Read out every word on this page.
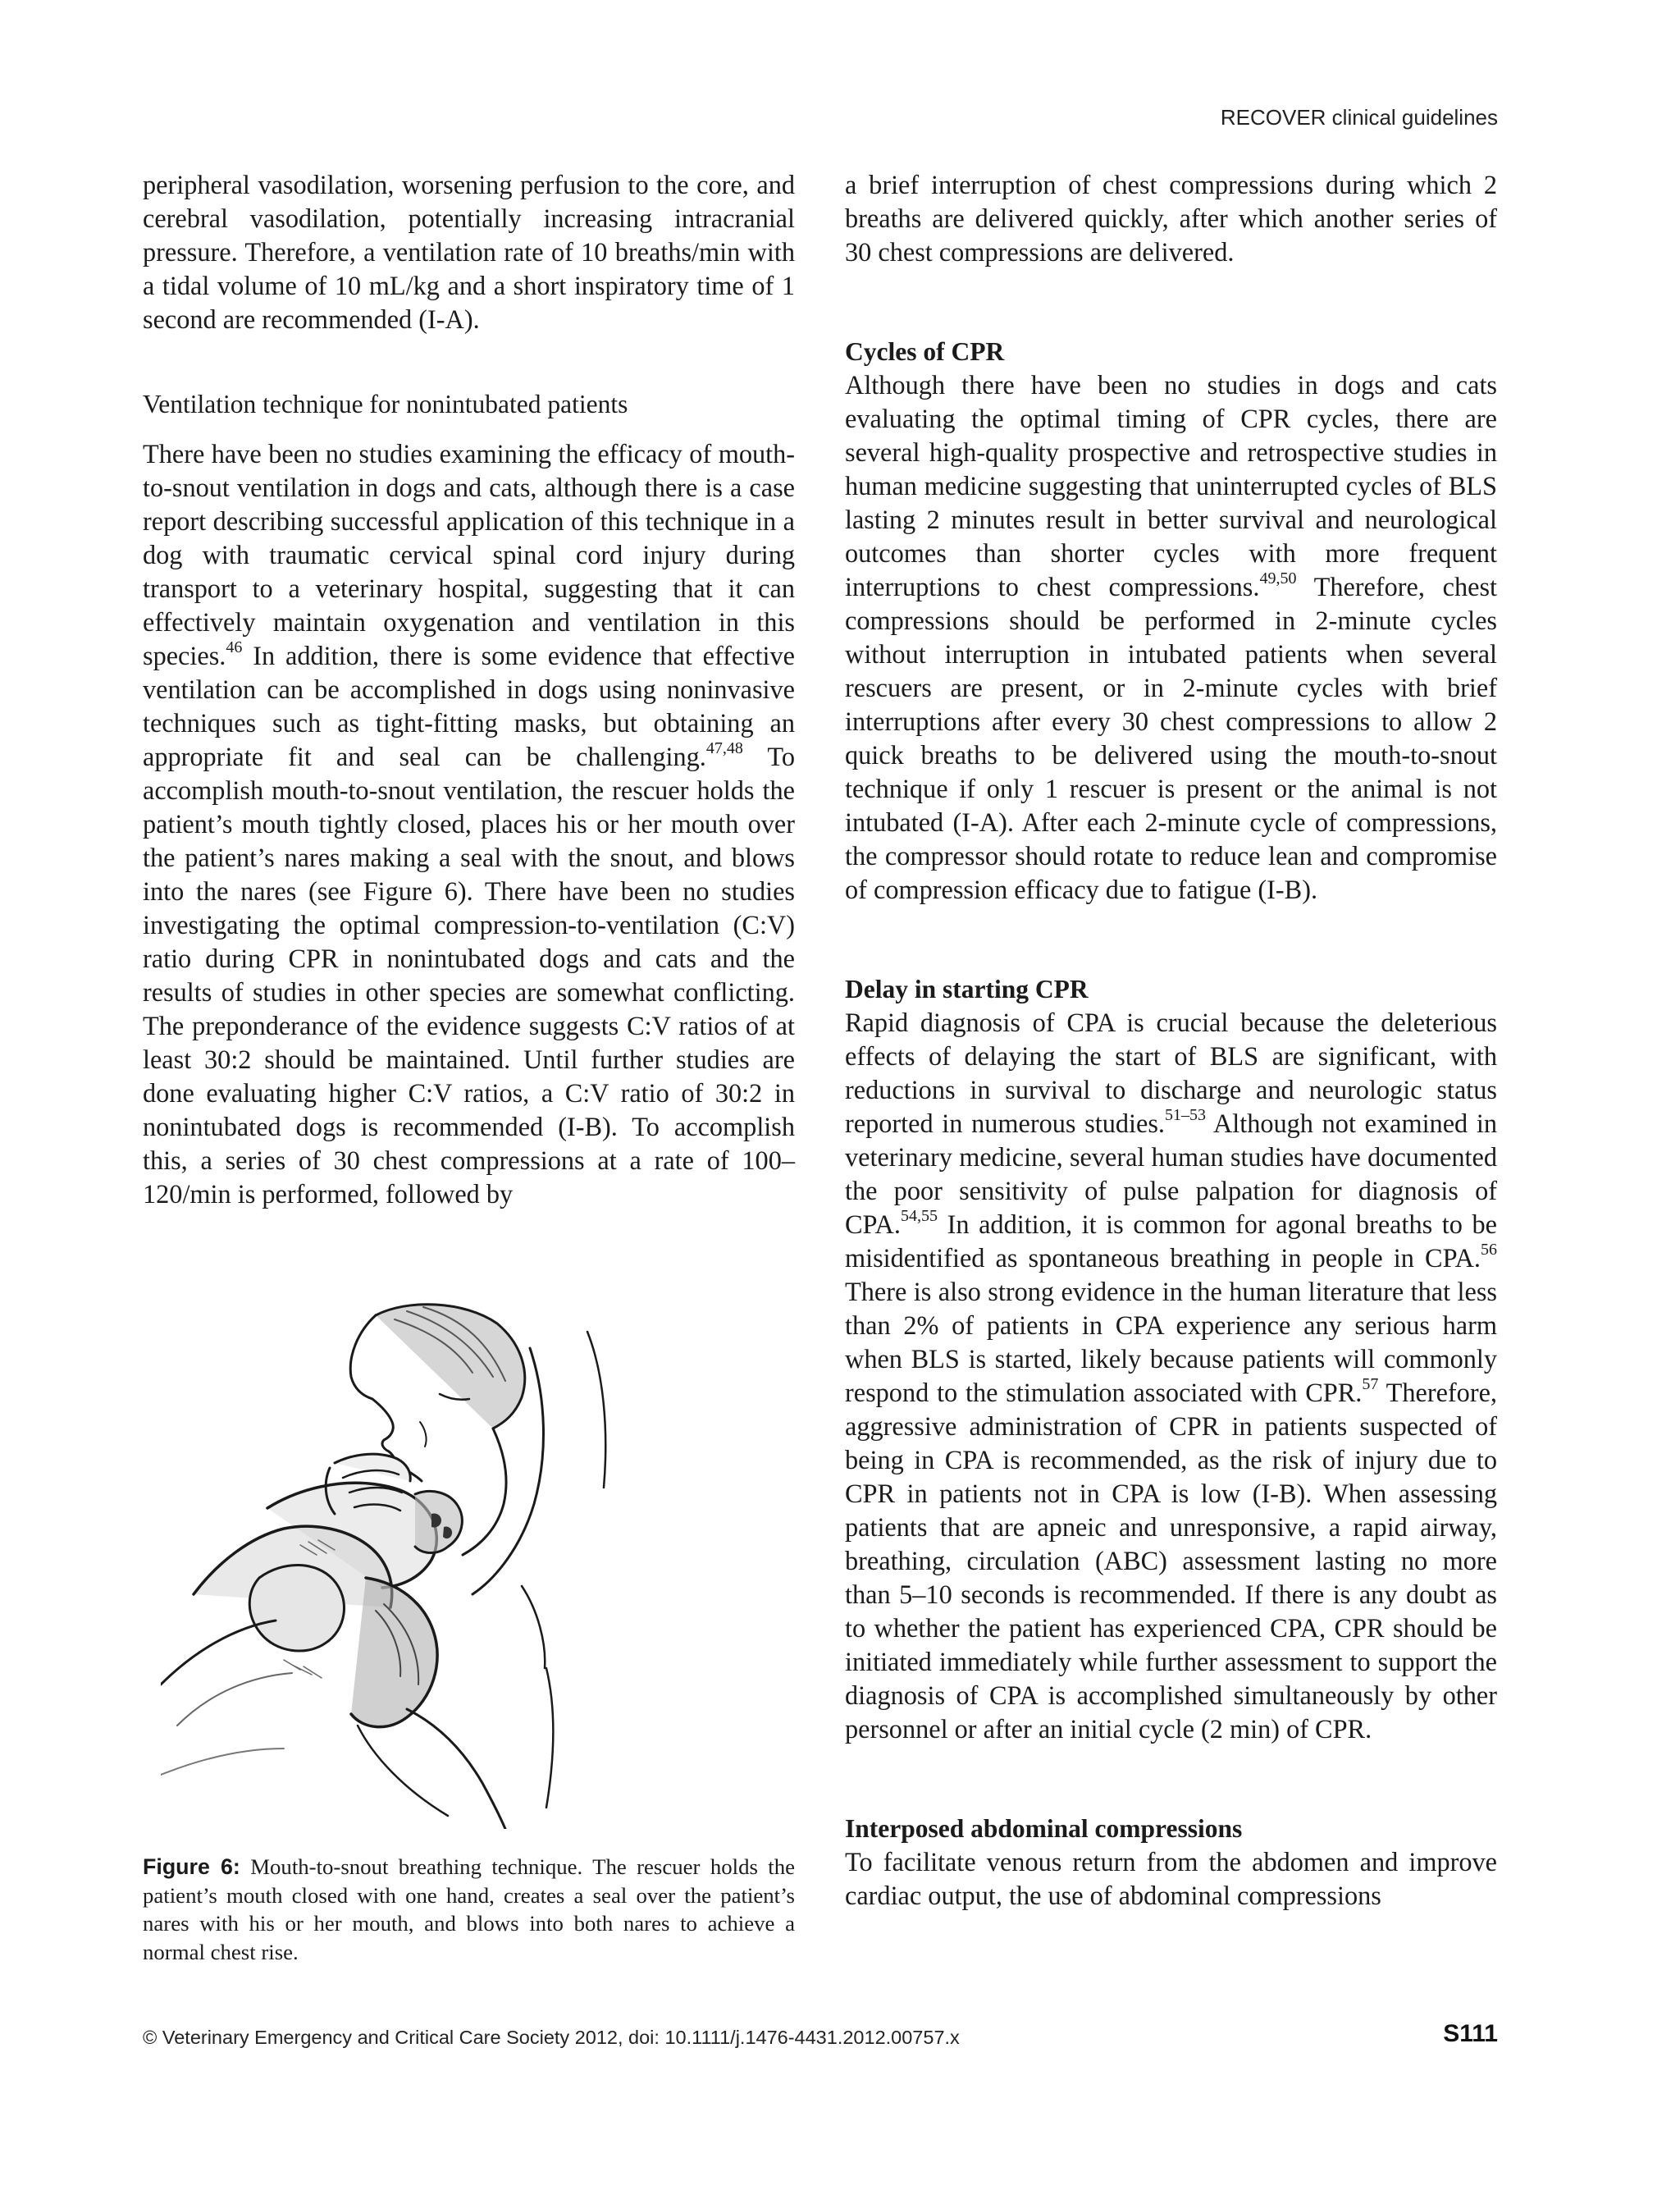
RECOVER clinical guidelines

peripheral vasodilation, worsening perfusion to the core, and cerebral vasodilation, potentially increasing intracranial pressure. Therefore, a ventilation rate of 10 breaths/min with a tidal volume of 10 mL/kg and a short inspiratory time of 1 second are recommended (I-A).

Ventilation technique for nonintubated patients

There have been no studies examining the efficacy of mouth-to-snout ventilation in dogs and cats, although there is a case report describing successful application of this technique in a dog with traumatic cervical spinal cord injury during transport to a veterinary hospital, suggesting that it can effectively maintain oxygenation and ventilation in this species.$^{46}$ In addition, there is some evidence that effective ventilation can be accomplished in dogs using noninvasive techniques such as tight-fitting masks, but obtaining an appropriate fit and seal can be challenging.$^{47,48}$ To accomplish mouth-to-snout ventilation, the rescuer holds the patient’s mouth tightly closed, places his or her mouth over the patient’s nares making a seal with the snout, and blows into the nares (see Figure 6). There have been no studies investigating the optimal compression-to-ventilation (C:V) ratio during CPR in nonintubated dogs and cats and the results of studies in other species are somewhat conflicting. The preponderance of the evidence suggests C:V ratios of at least 30:2 should be maintained. Until further studies are done evaluating higher C:V ratios, a C:V ratio of 30:2 in nonintubated dogs is recommended (I-B). To accomplish this, a series of 30 chest compressions at a rate of 100–120/min is performed, followed by

Figure 6: Mouth-to-snout breathing technique. The rescuer holds the patient’s mouth closed with one hand, creates a seal over the patient’s nares with his or her mouth, and blows into both nares to achieve a normal chest rise.

a brief interruption of chest compressions during which 2 breaths are delivered quickly, after which another series of 30 chest compressions are delivered.

Cycles of CPR

Although there have been no studies in dogs and cats evaluating the optimal timing of CPR cycles, there are several high-quality prospective and retrospective studies in human medicine suggesting that uninterrupted cycles of BLS lasting 2 minutes result in better survival and neurological outcomes than shorter cycles with more frequent interruptions to chest compressions.$^{49,50}$ Therefore, chest compressions should be performed in 2-minute cycles without interruption in intubated patients when several rescuers are present, or in 2-minute cycles with brief interruptions after every 30 chest compressions to allow 2 quick breaths to be delivered using the mouth-to-snout technique if only 1 rescuer is present or the animal is not intubated (I-A). After each 2-minute cycle of compressions, the compressor should rotate to reduce lean and compromise of compression efficacy due to fatigue (I-B).

Delay in starting CPR

Rapid diagnosis of CPA is crucial because the deleterious effects of delaying the start of BLS are significant, with reductions in survival to discharge and neurologic status reported in numerous studies.$^{51-53}$ Although not examined in veterinary medicine, several human studies have documented the poor sensitivity of pulse palpation for diagnosis of CPA.$^{54,55}$ In addition, it is common for agonal breaths to be misidentified as spontaneous breathing in people in CPA.$^{56}$ There is also strong evidence in the human literature that less than 2% of patients in CPA experience any serious harm when BLS is started, likely because patients will commonly respond to the stimulation associated with CPR.$^{57}$ Therefore, aggressive administration of CPR in patients suspected of being in CPA is recommended, as the risk of injury due to CPR in patients not in CPA is low (I-B). When assessing patients that are apneic and unresponsive, a rapid airway, breathing, circulation (ABC) assessment lasting no more than 5–10 seconds is recommended. If there is any doubt as to whether the patient has experienced CPA, CPR should be initiated immediately while further assessment to support the diagnosis of CPA is accomplished simultaneously by other personnel or after an initial cycle (2 min) of CPR.

Interposed abdominal compressions

To facilitate venous return from the abdomen and improve cardiac output, the use of abdominal compressions

© Veterinary Emergency and Critical Care Society 2012, doi: 10.1111/j.1476-4431.2012.00757.x	S111
